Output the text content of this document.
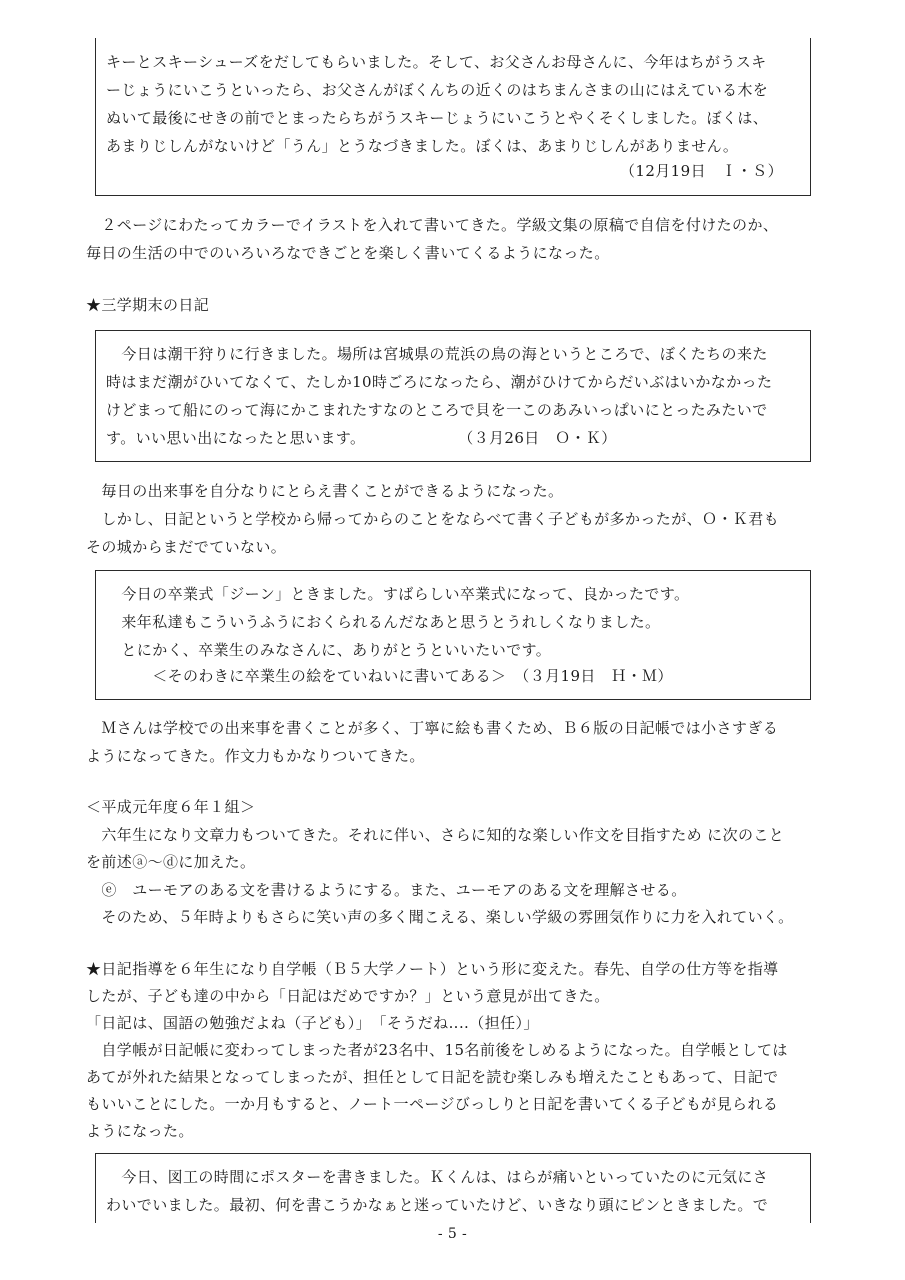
キーとスキーシューズをだしてもらいました。そして、お父さんお母さんに、今年はちがうスキ
ーじょうにいこうといったら、お父さんがぼくんちの近くのはちまんさまの山にはえている木を
ぬいて最後にせきの前でとまったらちがうスキーじょうにいこうとやくそくしました。ぼくは、
あまりじしんがないけど「うん」とうなづきました。ぼくは、あまりじしんがありません。
（12月19日　Ｉ・Ｓ）
　２ページにわたってカラーでイラストを入れて書いてきた。学級文集の原稿で自信を付けたのか、
毎日の生活の中でのいろいろなできごとを楽しく書いてくるようになった。
★三学期末の日記
　今日は潮干狩りに行きました。場所は宮城県の荒浜の鳥の海というところで、ぼくたちの来た
時はまだ潮がひいてなくて、たしか10時ごろになったら、潮がひけてからだいぶはいかなかった
けどまって船にのって海にかこまれたすなのところで貝を一このあみいっぱいにとったみたいで
す。いい思い出になったと思います。　　　　　　　（３月26日　Ｏ・Ｋ）
　毎日の出来事を自分なりにとらえ書くことができるようになった。
　しかし、日記というと学校から帰ってからのことをならべて書く子どもが多かったが、Ｏ・Ｋ君も
その城からまだでていない。
　今日の卒業式「ジーン」ときました。すばらしい卒業式になって、良かったです。
　来年私達もこういうふうにおくられるんだなあと思うとうれしくなりました。
　とにかく、卒業生のみなさんに、ありがとうといいたいです。
　　　＜そのわきに卒業生の絵をていねいに書いてある＞　（３月19日　Ｈ・Ｍ）
　Ｍさんは学校での出来事を書くことが多く、丁寧に絵も書くため、Ｂ６版の日記帳では小さすぎる
ようになってきた。作文力もかなりついてきた。
＜平成元年度６年１組＞
　六年生になり文章力もついてきた。それに伴い、さらに知的な楽しい作文を目指すため に次のこと
を前述ⓐ～ⓓに加えた。
　ⓔ　ユーモアのある文を書けるようにする。また、ユーモアのある文を理解させる。
　そのため、５年時よりもさらに笑い声の多く聞こえる、楽しい学級の雰囲気作りに力を入れていく。
★日記指導を６年生になり自学帳（Ｂ５大学ノート）という形に変えた。春先、自学の仕方等を指導
したが、子ども達の中から「日記はだめですか？」という意見が出てきた。
「日記は、国語の勉強だよね（子ども）」　「そうだね‥‥（担任）」
　自学帳が日記帳に変わってしまった者が23名中、15名前後をしめるようになった。自学帳としては
あてが外れた結果となってしまったが、担任として日記を読む楽しみも増えたこともあって、日記で
もいいことにした。一か月もすると、ノート一ページびっしりと日記を書いてくる子どもが見られる
ようになった。
　今日、図工の時間にポスターを書きました。Ｋくんは、はらが痛いといっていたのに元気にさ
わいでいました。最初、何を書こうかなぁと迷っていたけど、いきなり頭にピンときました。で
- 5 -
